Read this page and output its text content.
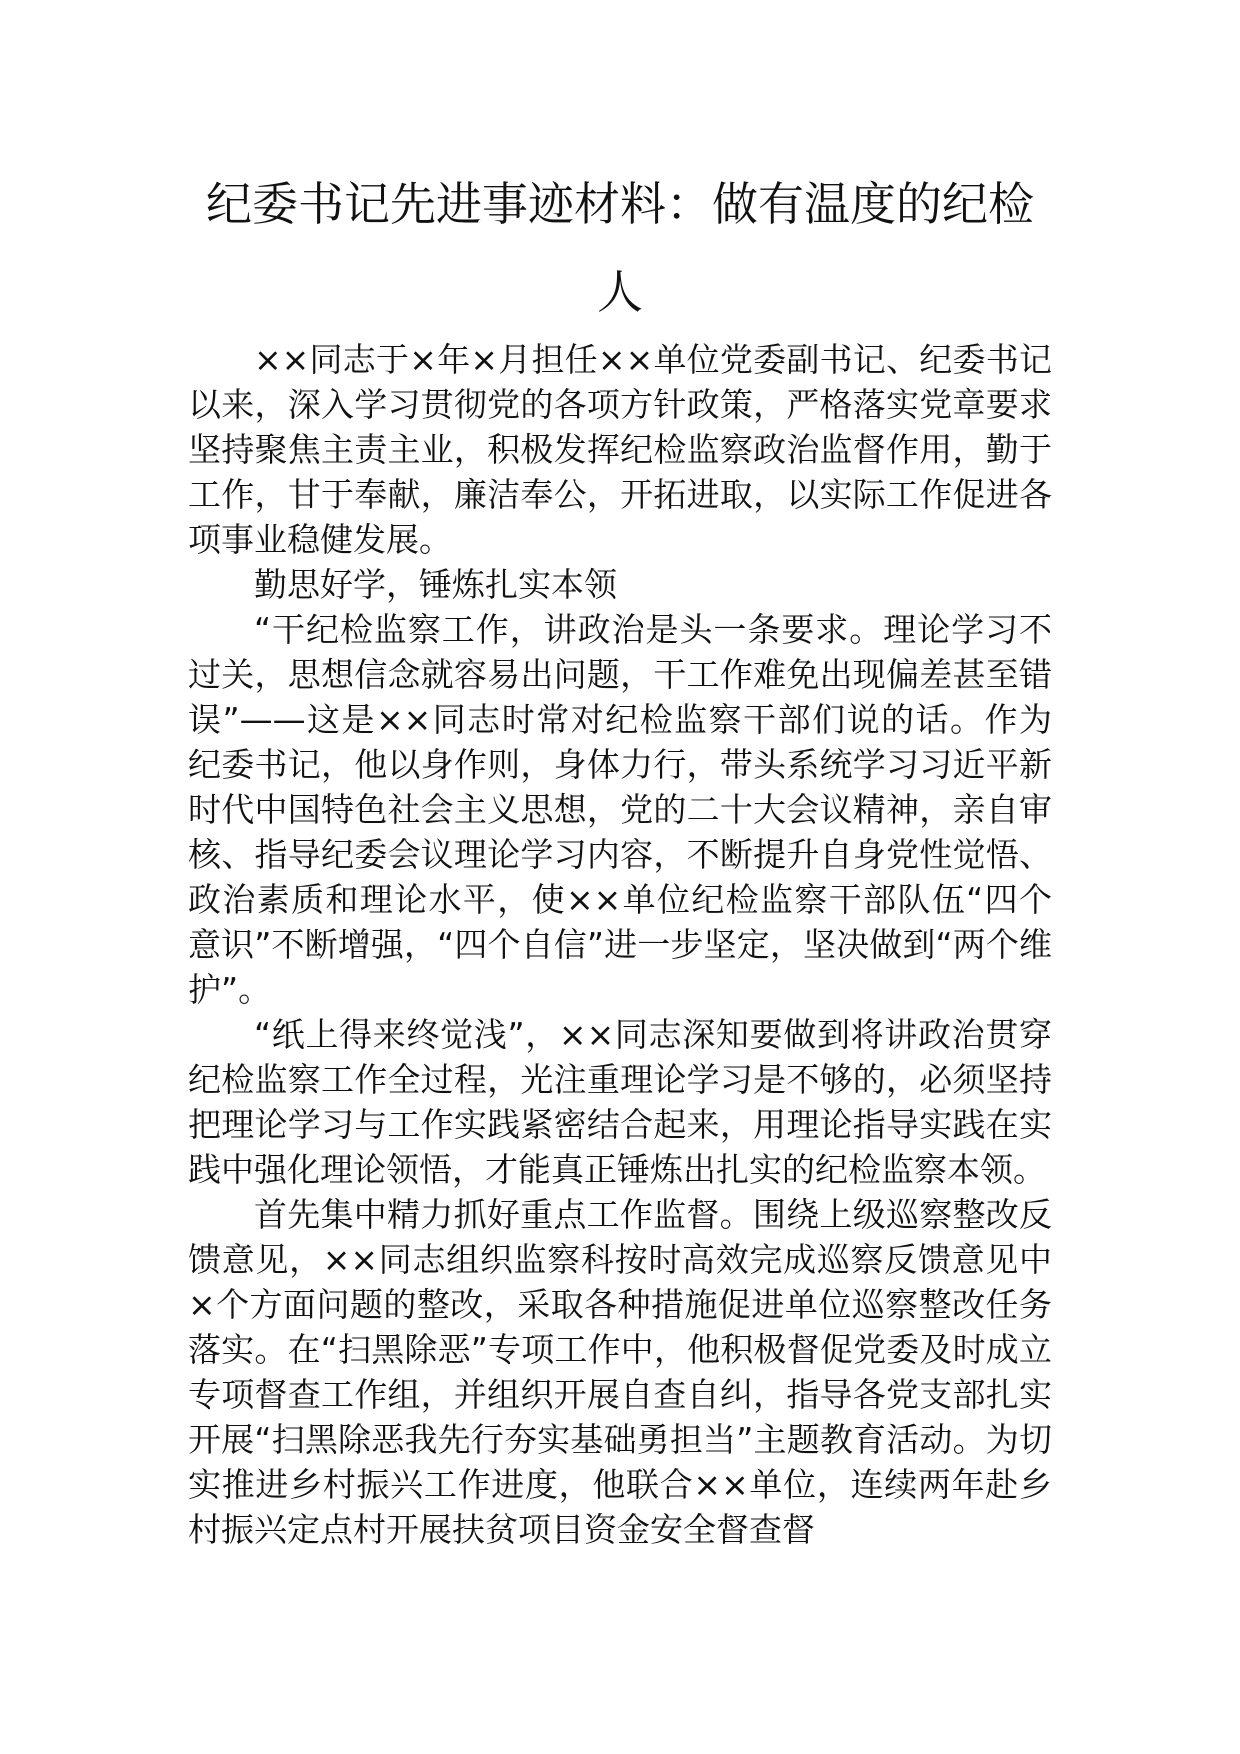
纪委书记先进事迹材料：做有温度的纪检人

××同志于×年×月担任××单位党委副书记、纪委书记以来，深入学习贯彻党的各项方针政策，严格落实党章要求坚持聚焦主责主业，积极发挥纪检监察政治监督作用，勤于工作，甘于奉献，廉洁奉公，开拓进取，以实际工作促进各项事业稳健发展。

勤思好学，锤炼扎实本领

“干纪检监察工作，讲政治是头一条要求。理论学习不过关，思想信念就容易出问题，干工作难免出现偏差甚至错误”——这是××同志时常对纪检监察干部们说的话。作为纪委书记，他以身作则，身体力行，带头系统学习习近平新时代中国特色社会主义思想，党的二十大会议精神，亲自审核、指导纪委会议理论学习内容，不断提升自身党性觉悟、政治素质和理论水平，使××单位纪检监察干部队伍“四个意识”不断增强，“四个自信”进一步坚定，坚决做到“两个维护”。

“纸上得来终觉浅”，××同志深知要做到将讲政治贯穿纪检监察工作全过程，光注重理论学习是不够的，必须坚持把理论学习与工作实践紧密结合起来，用理论指导实践在实践中强化理论领悟，才能真正锤炼出扎实的纪检监察本领。

首先集中精力抓好重点工作监督。围绕上级巡察整改反馈意见，××同志组织监察科按时高效完成巡察反馈意见中×个方面问题的整改，采取各种措施促进单位巡察整改任务落实。在“扫黑除恶”专项工作中，他积极督促党委及时成立专项督查工作组，并组织开展自查自纠，指导各党支部扎实开展“扫黑除恶我先行夯实基础勇担当”主题教育活动。为切实推进乡村振兴工作进度，他联合××单位，连续两年赴乡村振兴定点村开展扶贫项目资金安全督查督
